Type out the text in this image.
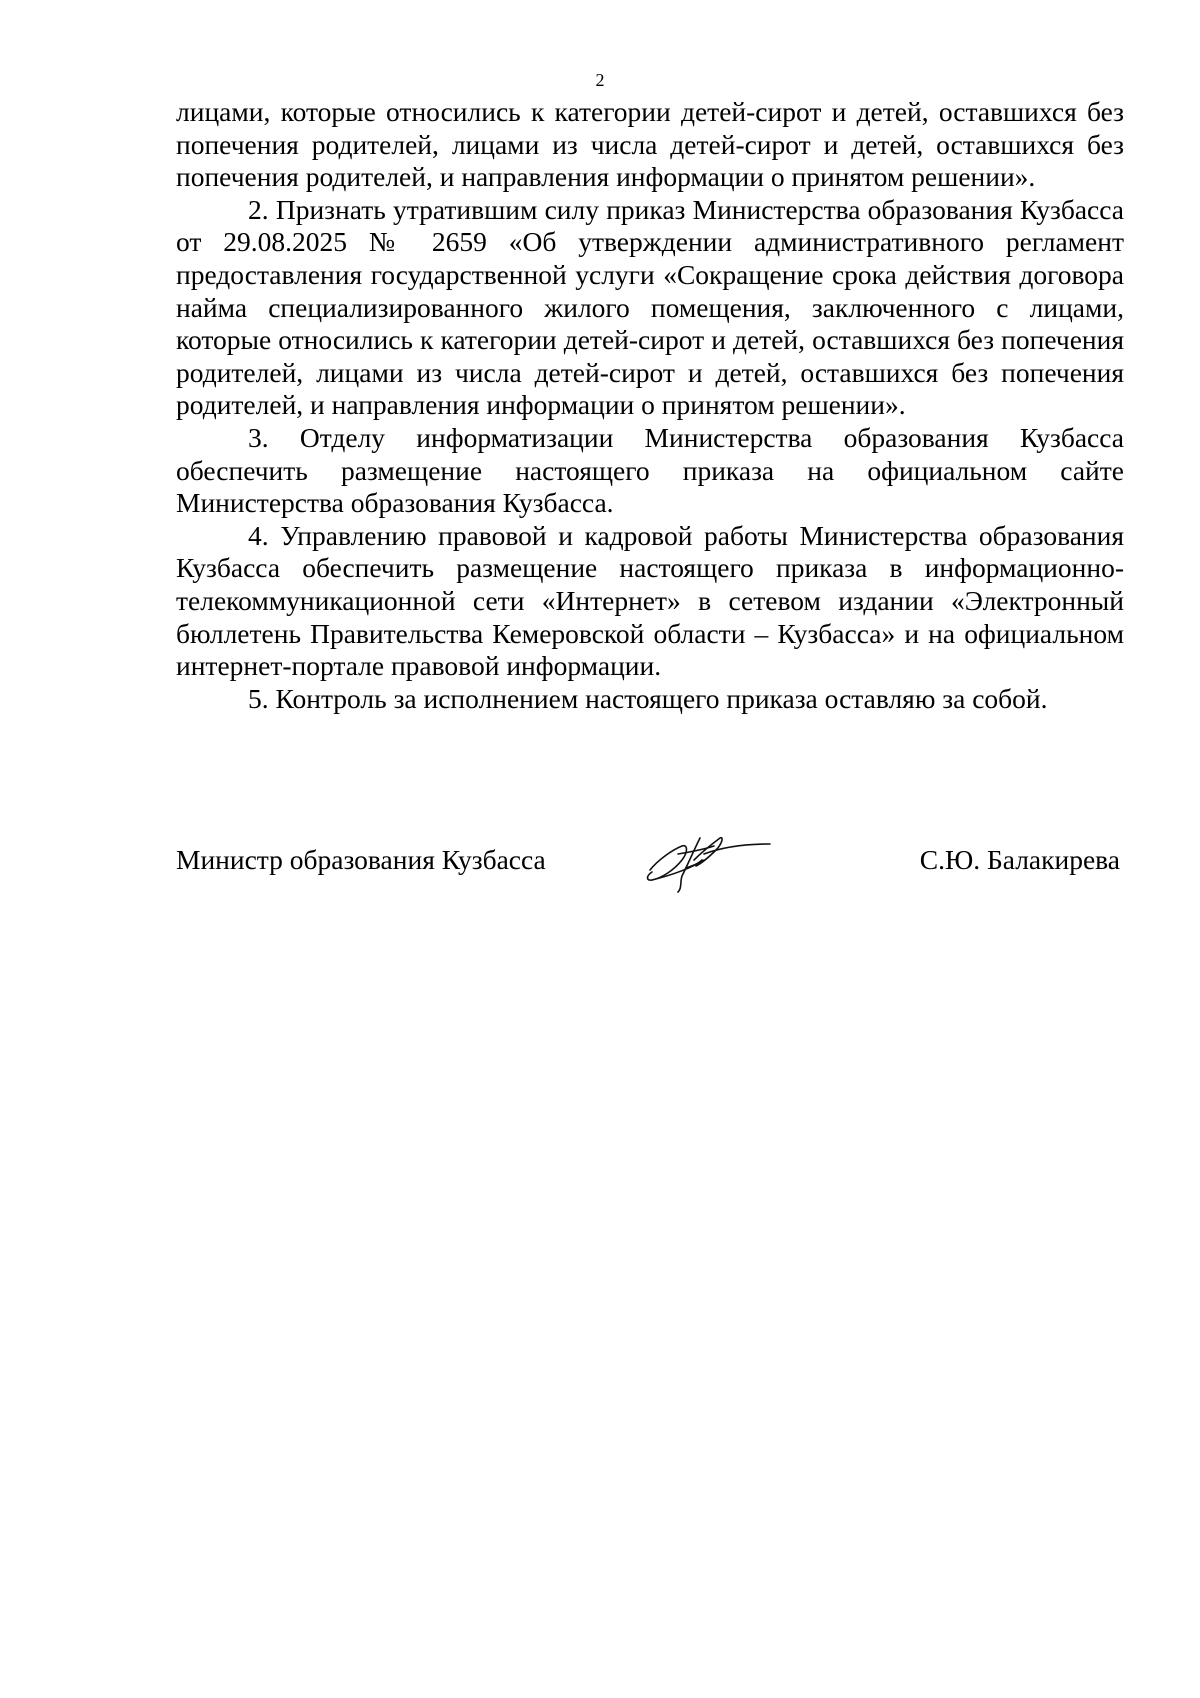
2

лицами, которые относились к категории детей-сирот и детей, оставшихся без попечения родителей, лицами из числа детей-сирот и детей, оставшихся без попечения родителей, и направления информации о принятом решении».

2. Признать утратившим силу приказ Министерства образования Кузбасса от 29.08.2025 № 2659 «Об утверждении административного регламент предоставления государственной услуги «Сокращение срока действия договора найма специализированного жилого помещения, заключенного с лицами, которые относились к категории детей-сирот и детей, оставшихся без попечения родителей, лицами из числа детей-сирот и детей, оставшихся без попечения родителей, и направления информации о принятом решении».

3. Отделу информатизации Министерства образования Кузбасса обеспечить размещение настоящего приказа на официальном сайте Министерства образования Кузбасса.

4. Управлению правовой и кадровой работы Министерства образования Кузбасса обеспечить размещение настоящего приказа в информационно-телекоммуникационной сети «Интернет» в сетевом издании «Электронный бюллетень Правительства Кемеровской области – Кузбасса» и на официальном интернет-портале правовой информации.

5. Контроль за исполнением настоящего приказа оставляю за собой.

Министр образования Кузбасса	С.Ю. Балакирева
